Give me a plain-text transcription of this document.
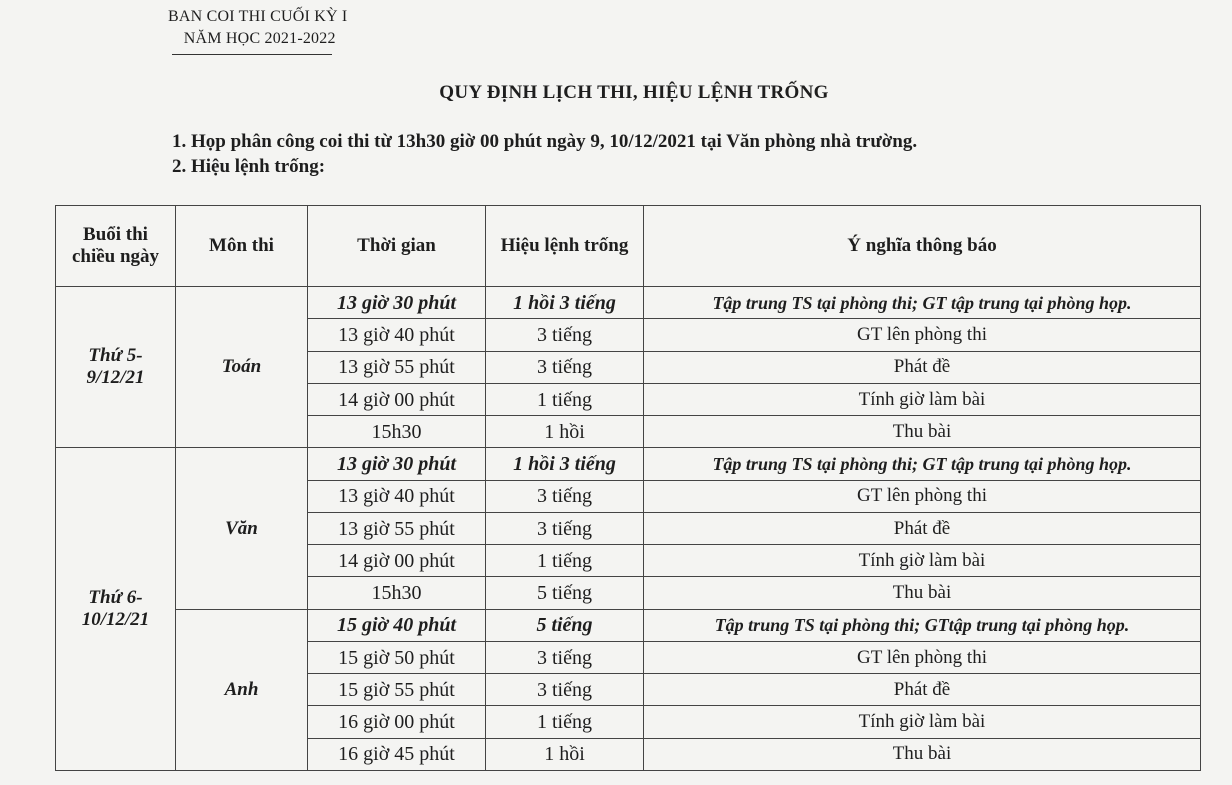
BAN COI THI CUỐI KỲ I

NĂM HỌC 2021-2022
QUY ĐỊNH LỊCH THI, HIỆU LỆNH TRỐNG
1. Họp phân công coi thi từ 13h30 giờ 00 phút ngày 9, 10/12/2021 tại Văn phòng nhà trường.
2. Hiệu lệnh trống:
Buổi thi chiều ngày	Môn thi	Thời gian	Hiệu lệnh trống	Ý nghĩa thông báo
Thứ 5- 9/12/21	Toán	13 giờ 30 phút	1 hồi 3 tiếng	Tập trung TS tại phòng thi; GT tập trung tại phòng họp.
		13 giờ 40 phút	3 tiếng	GT lên phòng thi
		13 giờ 55 phút	3 tiếng	Phát đề
		14 giờ 00 phút	1 tiếng	Tính giờ làm bài
		15h30	1 hồi	Thu bài
Thứ 6- 10/12/21	Văn	13 giờ 30 phút	1 hồi 3 tiếng	Tập trung TS tại phòng thi; GT tập trung tại phòng họp.
		13 giờ 40 phút	3 tiếng	GT lên phòng thi
		13 giờ 55 phút	3 tiếng	Phát đề
		14 giờ 00 phút	1 tiếng	Tính giờ làm bài
		15h30	5 tiếng	Thu bài
	Anh	15 giờ 40 phút	5 tiếng	Tập trung TS tại phòng thi; GTtập trung tại phòng họp.
		15 giờ 50 phút	3 tiếng	GT lên phòng thi
		15 giờ 55 phút	3 tiếng	Phát đề
		16 giờ 00 phút	1 tiếng	Tính giờ làm bài
		16 giờ 45 phút	1 hồi	Thu bài
